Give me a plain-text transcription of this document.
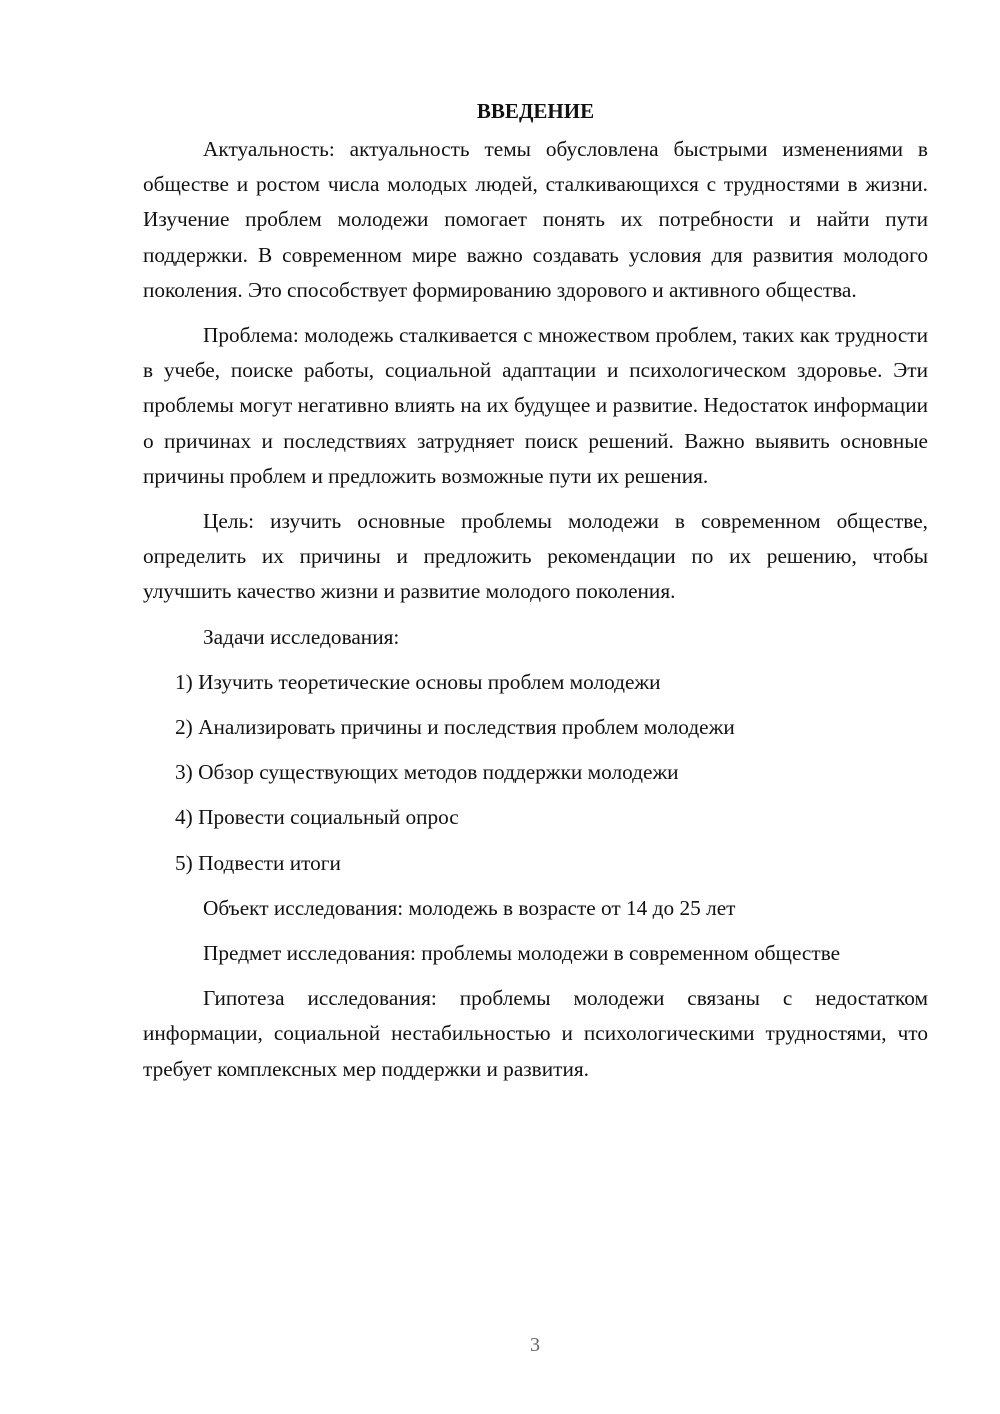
ВВЕДЕНИЕ

Актуальность: актуальность темы обусловлена быстрыми изменениями в обществе и ростом числа молодых людей, сталкивающихся с трудностями в жизни. Изучение проблем молодежи помогает понять их потребности и найти пути поддержки. В современном мире важно создавать условия для развития молодого поколения. Это способствует формированию здорового и активного общества.

Проблема: молодежь сталкивается с множеством проблем, таких как трудности в учебе, поиске работы, социальной адаптации и психологическом здоровье. Эти проблемы могут негативно влиять на их будущее и развитие. Недостаток информации о причинах и последствиях затрудняет поиск решений. Важно выявить основные причины проблем и предложить возможные пути их решения.

Цель: изучить основные проблемы молодежи в современном обществе, определить их причины и предложить рекомендации по их решению, чтобы улучшить качество жизни и развитие молодого поколения.

Задачи исследования:

1) Изучить теоретические основы проблем молодежи
2) Анализировать причины и последствия проблем молодежи
3) Обзор существующих методов поддержки молодежи
4) Провести социальный опрос
5) Подвести итоги

Объект исследования: молодежь в возрасте от 14 до 25 лет

Предмет исследования: проблемы молодежи в современном обществе

Гипотеза исследования: проблемы молодежи связаны с недостатком информации, социальной нестабильностью и психологическими трудностями, что требует комплексных мер поддержки и развития.

3
